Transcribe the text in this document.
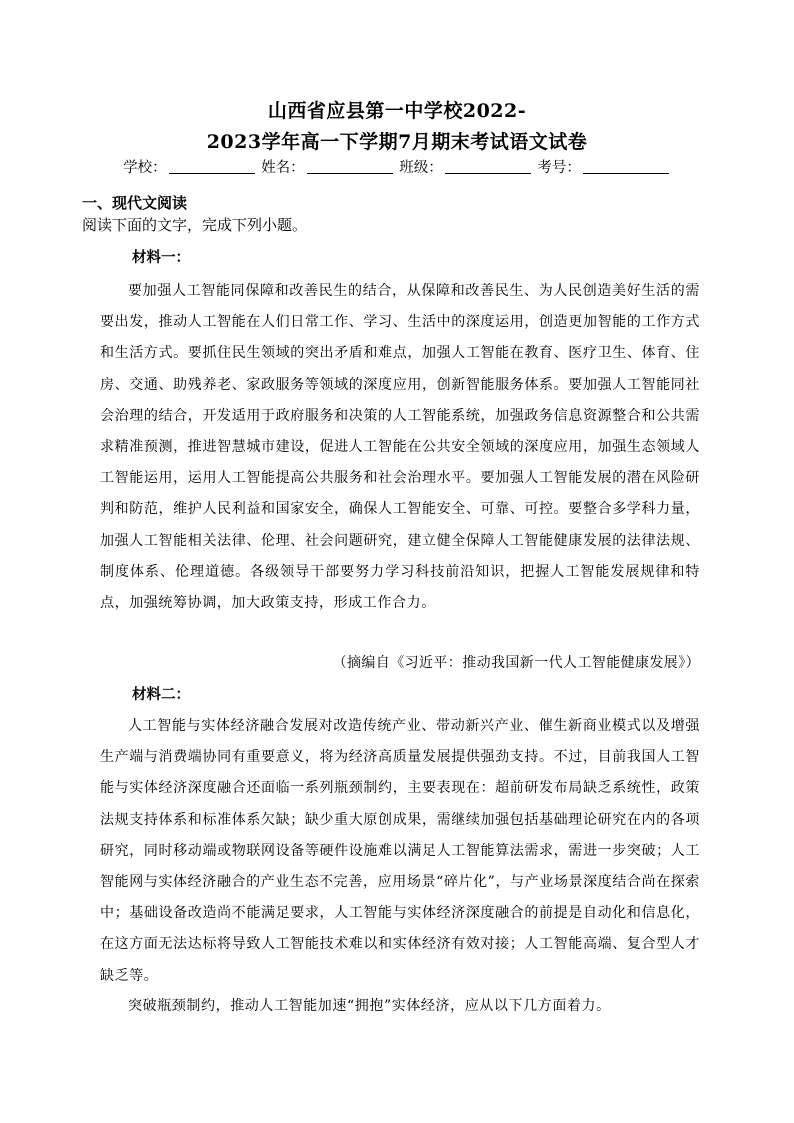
山西省应县第一中学校2022-
2023学年高一下学期7月期末考试语文试卷
学校：	姓名：	班级：	考号：
一、现代文阅读
阅读下面的文字，完成下列小题。
材料一：
要加强人工智能同保障和改善民生的结合，从保障和改善民生、为人民创造美好生活的需要出发，推动人工智能在人们日常工作、学习、生活中的深度运用，创造更加智能的工作方式和生活方式。要抓住民生领域的突出矛盾和难点，加强人工智能在教育、医疗卫生、体育、住房、交通、助残养老、家政服务等领域的深度应用，创新智能服务体系。要加强人工智能同社会治理的结合，开发适用于政府服务和决策的人工智能系统，加强政务信息资源整合和公共需求精准预测，推进智慧城市建设，促进人工智能在公共安全领域的深度应用，加强生态领域人工智能运用，运用人工智能提高公共服务和社会治理水平。要加强人工智能发展的潜在风险研判和防范，维护人民利益和国家安全，确保人工智能安全、可靠、可控。要整合多学科力量，加强人工智能相关法律、伦理、社会问题研究，建立健全保障人工智能健康发展的法律法规、制度体系、伦理道德。各级领导干部要努力学习科技前沿知识，把握人工智能发展规律和特点，加强统筹协调，加大政策支持，形成工作合力。
（摘编自《习近平：推动我国新一代人工智能健康发展》）
材料二：
人工智能与实体经济融合发展对改造传统产业、带动新兴产业、催生新商业模式以及增强生产端与消费端协同有重要意义，将为经济高质量发展提供强劲支持。不过，目前我国人工智能与实体经济深度融合还面临一系列瓶颈制约，主要表现在：超前研发布局缺乏系统性，政策法规支持体系和标准体系欠缺；缺少重大原创成果，需继续加强包括基础理论研究在内的各项研究，同时移动端或物联网设备等硬件设施难以满足人工智能算法需求，需进一步突破；人工智能网与实体经济融合的产业生态不完善，应用场景“碎片化”，与产业场景深度结合尚在探索中；基础设备改造尚不能满足要求，人工智能与实体经济深度融合的前提是自动化和信息化，在这方面无法达标将导致人工智能技术难以和实体经济有效对接；人工智能高端、复合型人才缺乏等。
突破瓶颈制约，推动人工智能加速“拥抱”实体经济，应从以下几方面着力。
